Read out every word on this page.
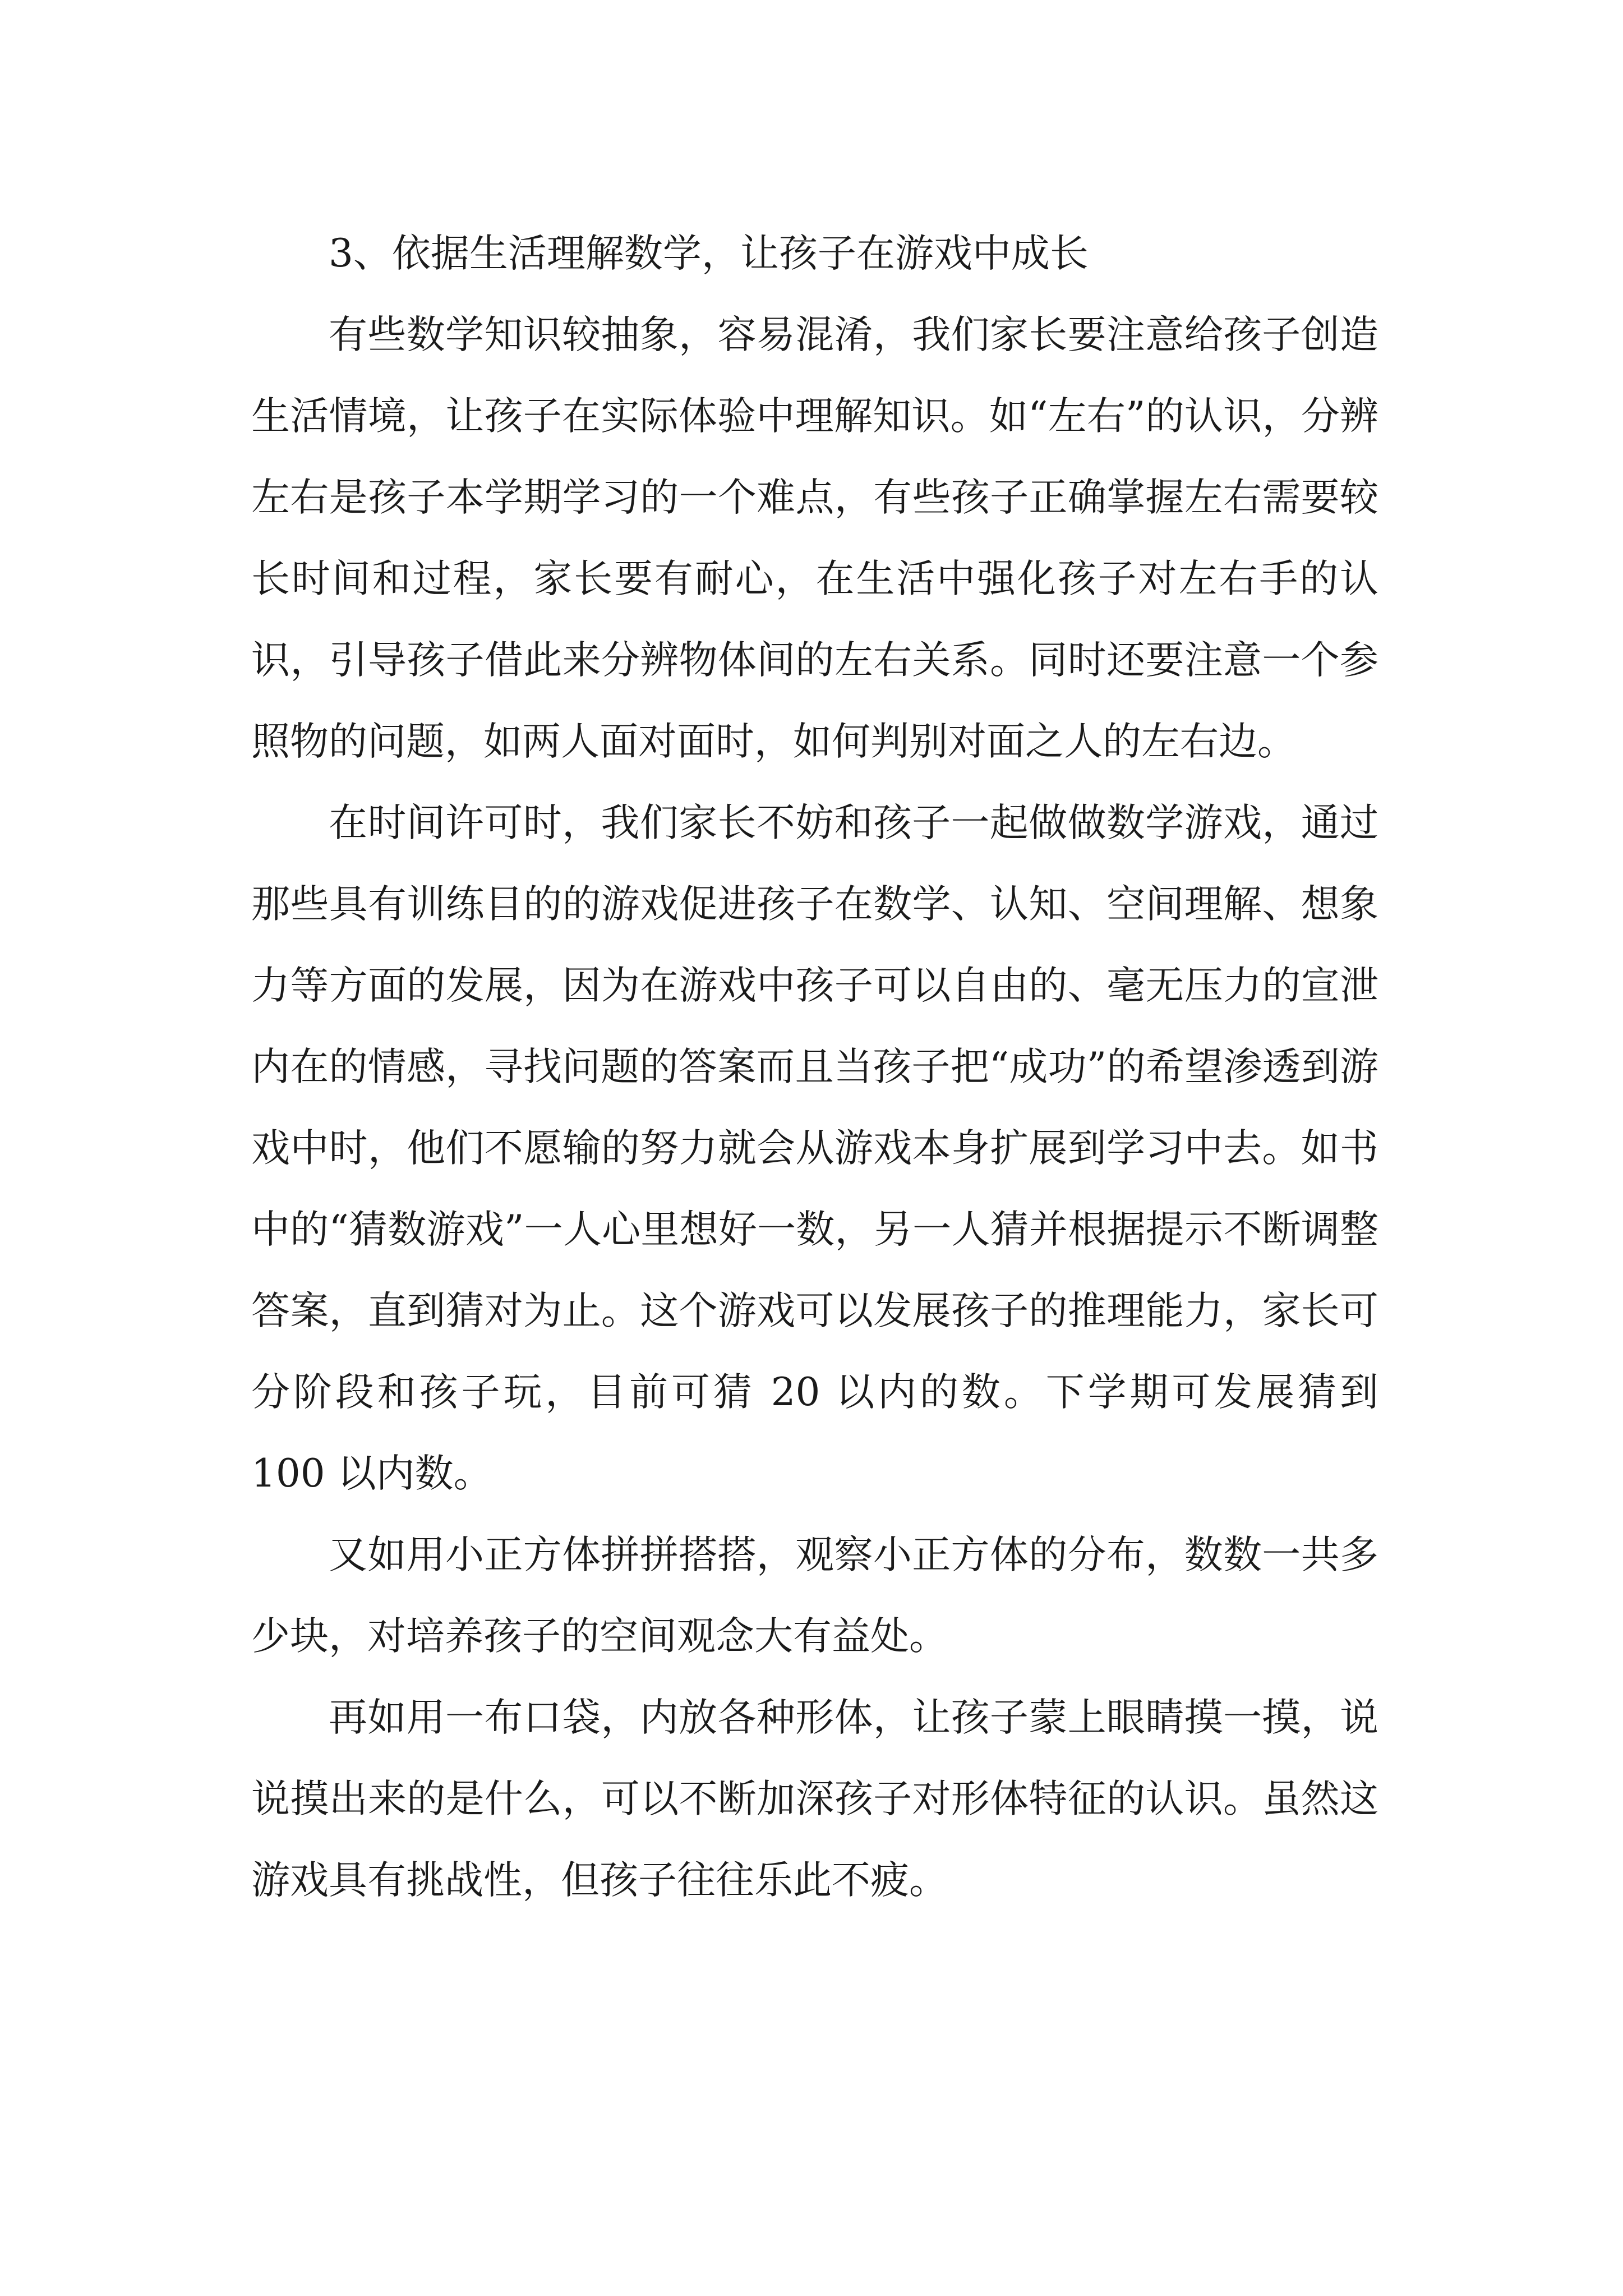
3、依据生活理解数学，让孩子在游戏中成长

有些数学知识较抽象，容易混淆，我们家长要注意给孩子创造生活情境，让孩子在实际体验中理解知识。如“左右”的认识，分辨左右是孩子本学期学习的一个难点，有些孩子正确掌握左右需要较长时间和过程，家长要有耐心，在生活中强化孩子对左右手的认识，引导孩子借此来分辨物体间的左右关系。同时还要注意一个参照物的问题，如两人面对面时，如何判别对面之人的左右边。

在时间许可时，我们家长不妨和孩子一起做做数学游戏，通过那些具有训练目的的游戏促进孩子在数学、认知、空间理解、想象力等方面的发展，因为在游戏中孩子可以自由的、毫无压力的宣泄内在的情感，寻找问题的答案而且当孩子把“成功”的希望渗透到游戏中时，他们不愿输的努力就会从游戏本身扩展到学习中去。如书中的“猜数游戏”一人心里想好一数，另一人猜并根据提示不断调整答案，直到猜对为止。这个游戏可以发展孩子的推理能力，家长可分阶段和孩子玩，目前可猜 20 以内的数。下学期可发展猜到 100 以内数。

又如用小正方体拼拼搭搭，观察小正方体的分布，数数一共多少块，对培养孩子的空间观念大有益处。

再如用一布口袋，内放各种形体，让孩子蒙上眼睛摸一摸，说说摸出来的是什么，可以不断加深孩子对形体特征的认识。虽然这游戏具有挑战性，但孩子往往乐此不疲。
